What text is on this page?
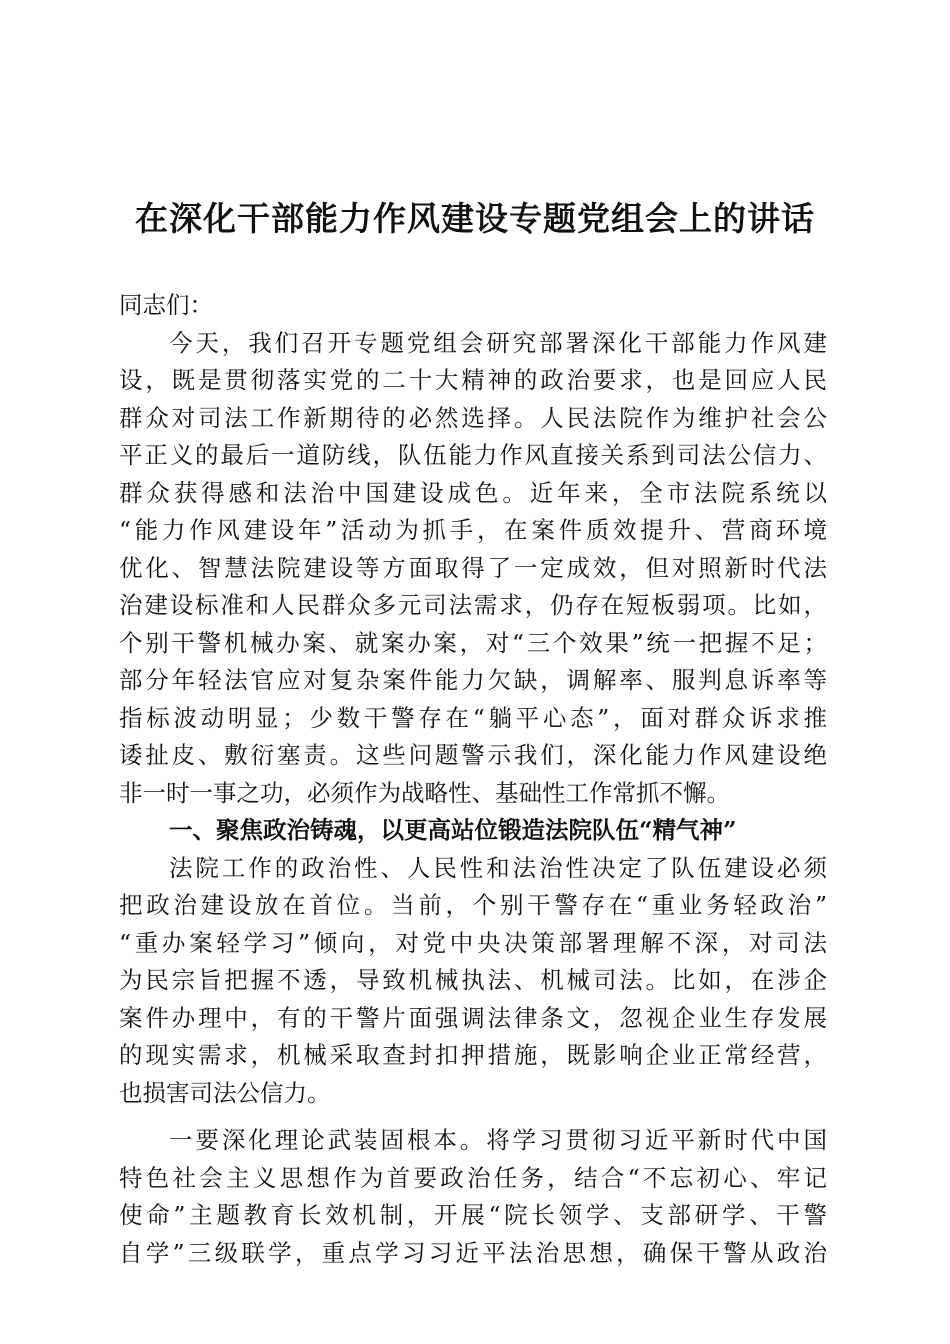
在深化干部能力作风建设专题党组会上的讲话
同志们：
今天，我们召开专题党组会研究部署深化干部能力作风建
设，既是贯彻落实党的二十大精神的政治要求，也是回应人民
群众对司法工作新期待的必然选择。人民法院作为维护社会公
平正义的最后一道防线，队伍能力作风直接关系到司法公信力、
群众获得感和法治中国建设成色。近年来，全市法院系统以
“能力作风建设年”活动为抓手，在案件质效提升、营商环境
优化、智慧法院建设等方面取得了一定成效，但对照新时代法
治建设标准和人民群众多元司法需求，仍存在短板弱项。比如，
个别干警机械办案、就案办案，对“三个效果”统一把握不足；
部分年轻法官应对复杂案件能力欠缺，调解率、服判息诉率等
指标波动明显；少数干警存在“躺平心态”，面对群众诉求推
诿扯皮、敷衍塞责。这些问题警示我们，深化能力作风建设绝
非一时一事之功，必须作为战略性、基础性工作常抓不懈。
一、聚焦政治铸魂，以更高站位锻造法院队伍“精气神”
法院工作的政治性、人民性和法治性决定了队伍建设必须
把政治建设放在首位。当前，个别干警存在“重业务轻政治”
“重办案轻学习”倾向，对党中央决策部署理解不深，对司法
为民宗旨把握不透，导致机械执法、机械司法。比如，在涉企
案件办理中，有的干警片面强调法律条文，忽视企业生存发展
的现实需求，机械采取查封扣押措施，既影响企业正常经营，
也损害司法公信力。
一要深化理论武装固根本。将学习贯彻习近平新时代中国
特色社会主义思想作为首要政治任务，结合“不忘初心、牢记
使命”主题教育长效机制，开展“院长领学、支部研学、干警
自学”三级联学，重点学习习近平法治思想，确保干警从政治
